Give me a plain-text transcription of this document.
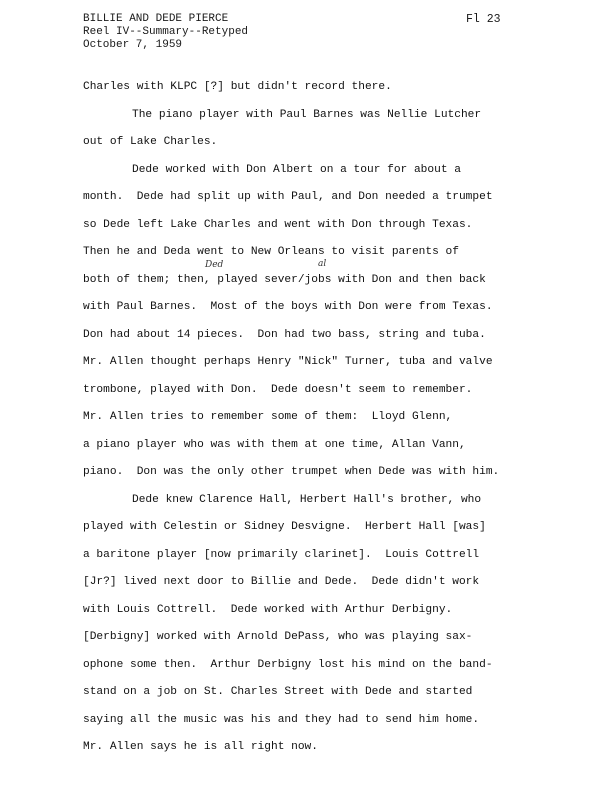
BILLIE AND DEDE PIERCE
Reel IV--Summary--Retyped
October 7, 1959
Fl 23
Charles with KLPC [?] but didn't record there.
The piano player with Paul Barnes was Nellie Lutcher
out of Lake Charles.
Dede worked with Don Albert on a tour for about a
month.  Dede had split up with Paul, and Don needed a trumpet
so Dede left Lake Charles and went with Don through Texas.
Then he and Deda went to New Orleans to visit parents of
both of them; then, played sever/jobs with Don and then back
with Paul Barnes.  Most of the boys with Don were from Texas.
Don had about 14 pieces.  Don had two bass, string and tuba.
Mr. Allen thought perhaps Henry "Nick" Turner, tuba and valve
trombone, played with Don.  Dede doesn't seem to remember.
Mr. Allen tries to remember some of them:  Lloyd Glenn,
a piano player who was with them at one time, Allan Vann,
piano.  Don was the only other trumpet when Dede was with him.
Dede knew Clarence Hall, Herbert Hall's brother, who
played with Celestin or Sidney Desvigne.  Herbert Hall [was]
a baritone player [now primarily clarinet].  Louis Cottrell
[Jr?] lived next door to Billie and Dede.  Dede didn't work
with Louis Cottrell.  Dede worked with Arthur Derbigny.
[Derbigny] worked with Arnold DePass, who was playing sax-
ophone some then.  Arthur Derbigny lost his mind on the band-
stand on a job on St. Charles Street with Dede and started
saying all the music was his and they had to send him home.
Mr. Allen says he is all right now.
Ded	al
